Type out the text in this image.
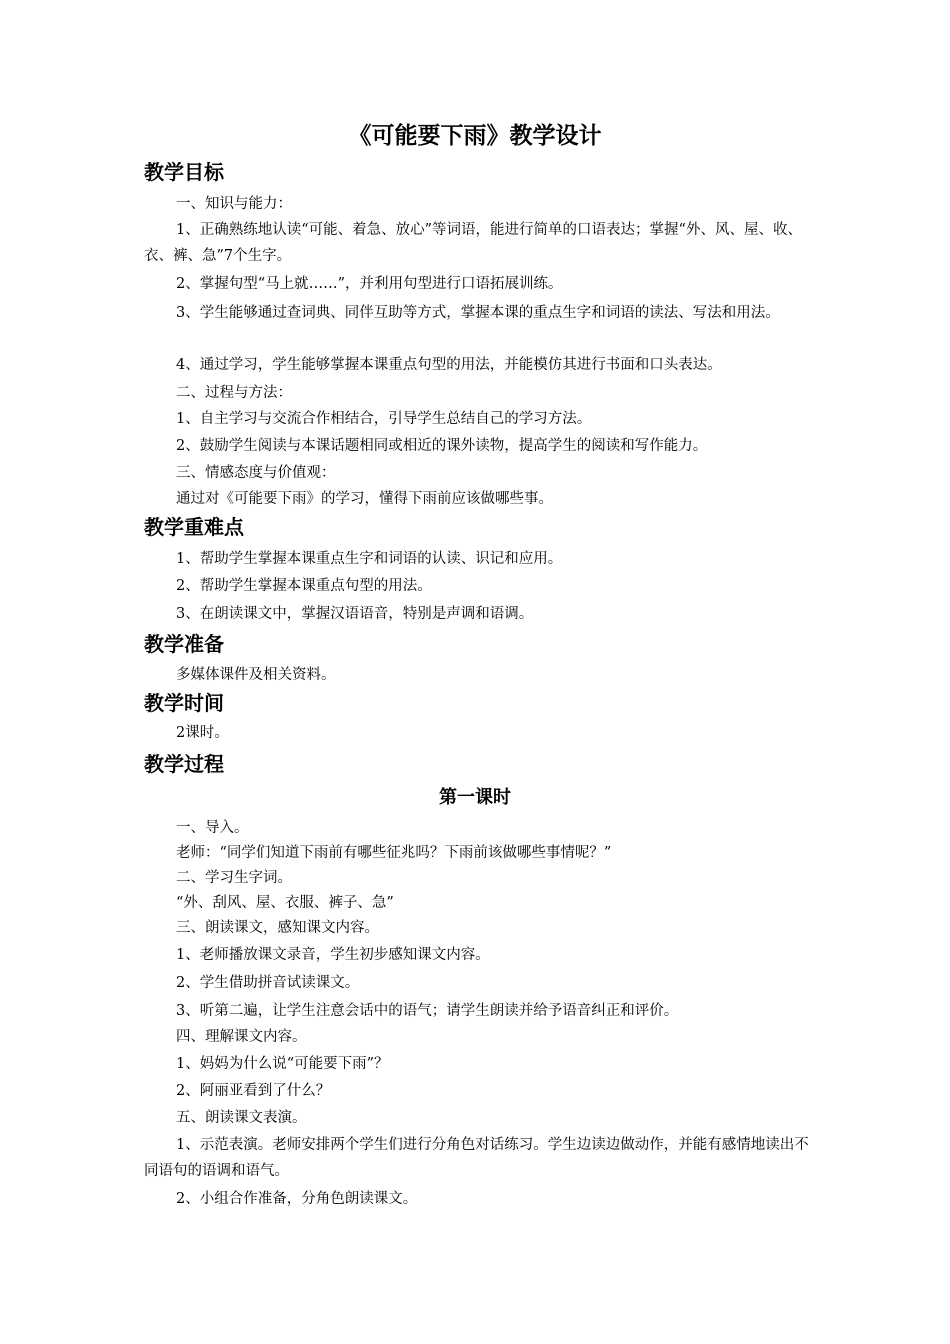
《可能要下雨》教学设计
教学目标
一、知识与能力：
1、正确熟练地认读“可能、着急、放心”等词语，能进行简单的口语表达；掌握“外、风、屋、收、衣、裤、急”7个生字。
2、掌握句型“马上就……”，并利用句型进行口语拓展训练。
3、学生能够通过查词典、同伴互助等方式，掌握本课的重点生字和词语的读法、写法和用法。
4、通过学习，学生能够掌握本课重点句型的用法，并能模仿其进行书面和口头表达。
二、过程与方法：
1、自主学习与交流合作相结合，引导学生总结自己的学习方法。
2、鼓励学生阅读与本课话题相同或相近的课外读物，提高学生的阅读和写作能力。
三、情感态度与价值观：
通过对《可能要下雨》的学习，懂得下雨前应该做哪些事。
教学重难点
1、帮助学生掌握本课重点生字和词语的认读、识记和应用。
2、帮助学生掌握本课重点句型的用法。
3、在朗读课文中，掌握汉语语音，特别是声调和语调。
教学准备
多媒体课件及相关资料。
教学时间
2课时。
教学过程
第一课时
一、导入。
老师：“同学们知道下雨前有哪些征兆吗？下雨前该做哪些事情呢？”
二、学习生字词。
“外、刮风、屋、衣服、裤子、急”
三、朗读课文，感知课文内容。
1、老师播放课文录音，学生初步感知课文内容。
2、学生借助拼音试读课文。
3、听第二遍，让学生注意会话中的语气；请学生朗读并给予语音纠正和评价。
四、理解课文内容。
1、妈妈为什么说“可能要下雨”？
2、阿丽亚看到了什么？
五、朗读课文表演。
1、示范表演。老师安排两个学生们进行分角色对话练习。学生边读边做动作，并能有感情地读出不同语句的语调和语气。
2、小组合作准备，分角色朗读课文。
